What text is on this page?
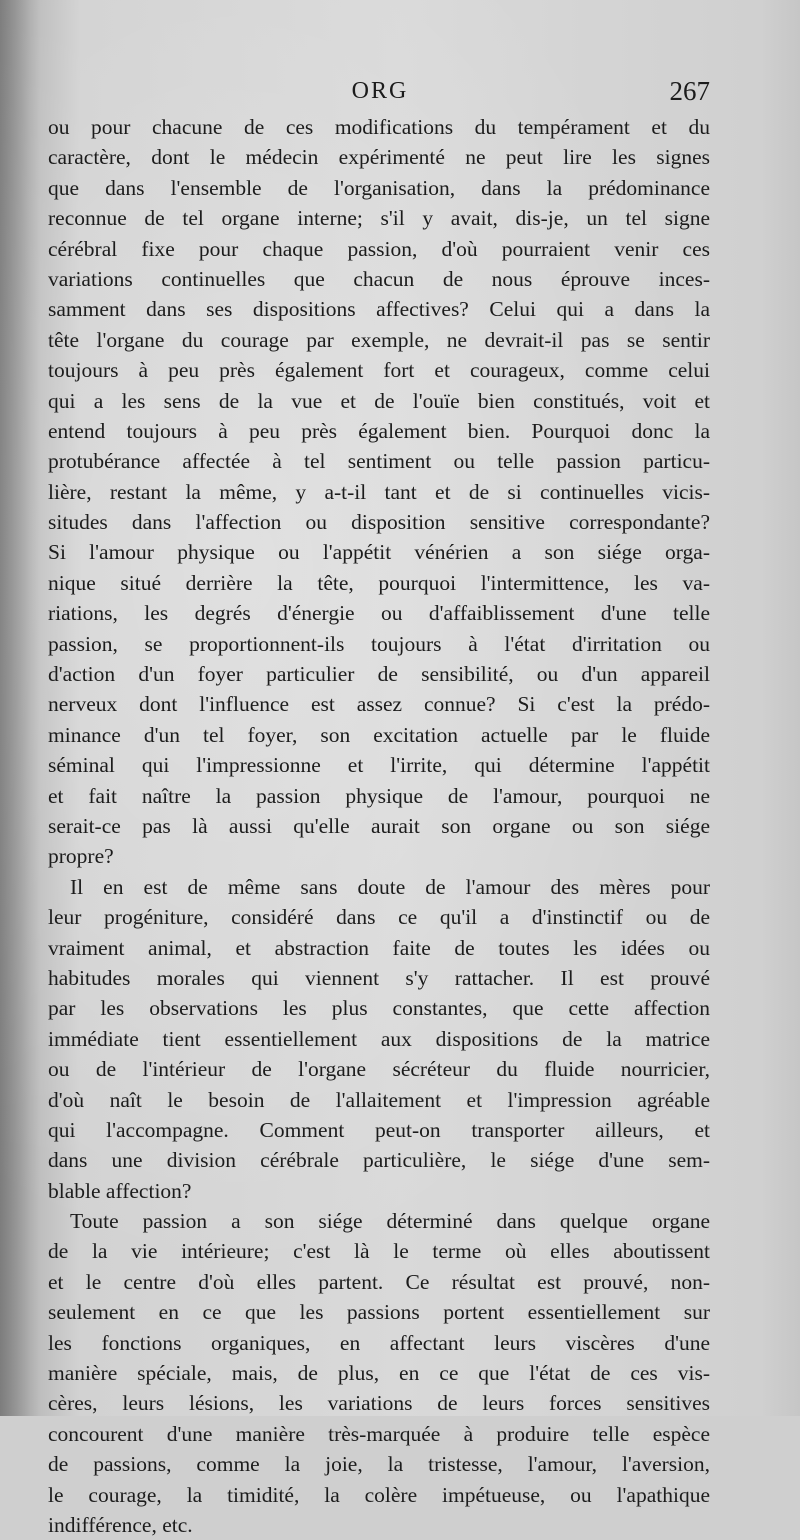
ORG	267
ou pour chacune de ces modifications du tempérament et du
caractère, dont le médecin expérimenté ne peut lire les signes
que dans l'ensemble de l'organisation, dans la prédominance
reconnue de tel organe interne; s'il y avait, dis-je, un tel signe
cérébral fixe pour chaque passion, d'où pourraient venir ces
variations continuelles que chacun de nous éprouve inces-
samment dans ses dispositions affectives? Celui qui a dans la
tête l'organe du courage par exemple, ne devrait-il pas se sentir
toujours à peu près également fort et courageux, comme celui
qui a les sens de la vue et de l'ouïe bien constitués, voit et
entend toujours à peu près également bien. Pourquoi donc la
protubérance affectée à tel sentiment ou telle passion particu-
lière, restant la même, y a-t-il tant et de si continuelles vicis-
situdes dans l'affection ou disposition sensitive correspondante?
Si l'amour physique ou l'appétit vénérien a son siége orga-
nique situé derrière la tête, pourquoi l'intermittence, les va-
riations, les degrés d'énergie ou d'affaiblissement d'une telle
passion, se proportionnent-ils toujours à l'état d'irritation ou
d'action d'un foyer particulier de sensibilité, ou d'un appareil
nerveux dont l'influence est assez connue? Si c'est la prédo-
minance d'un tel foyer, son excitation actuelle par le fluide
séminal qui l'impressionne et l'irrite, qui détermine l'appétit
et fait naître la passion physique de l'amour, pourquoi ne
serait-ce pas là aussi qu'elle aurait son organe ou son siége
propre?
Il en est de même sans doute de l'amour des mères pour
leur progéniture, considéré dans ce qu'il a d'instinctif ou de
vraiment animal, et abstraction faite de toutes les idées ou
habitudes morales qui viennent s'y rattacher. Il est prouvé
par les observations les plus constantes, que cette affection
immédiate tient essentiellement aux dispositions de la matrice
ou de l'intérieur de l'organe sécréteur du fluide nourricier,
d'où naît le besoin de l'allaitement et l'impression agréable
qui l'accompagne. Comment peut-on transporter ailleurs, et
dans une division cérébrale particulière, le siége d'une sem-
blable affection?
Toute passion a son siége déterminé dans quelque organe
de la vie intérieure; c'est là le terme où elles aboutissent
et le centre d'où elles partent. Ce résultat est prouvé, non-
seulement en ce que les passions portent essentiellement sur
les fonctions organiques, en affectant leurs viscères d'une
manière spéciale, mais, de plus, en ce que l'état de ces vis-
cères, leurs lésions, les variations de leurs forces sensitives
concourent d'une manière très-marquée à produire telle espèce
de passions, comme la joie, la tristesse, l'amour, l'aversion,
le courage, la timidité, la colère impétueuse, ou l'apathique
indifférence, etc.
